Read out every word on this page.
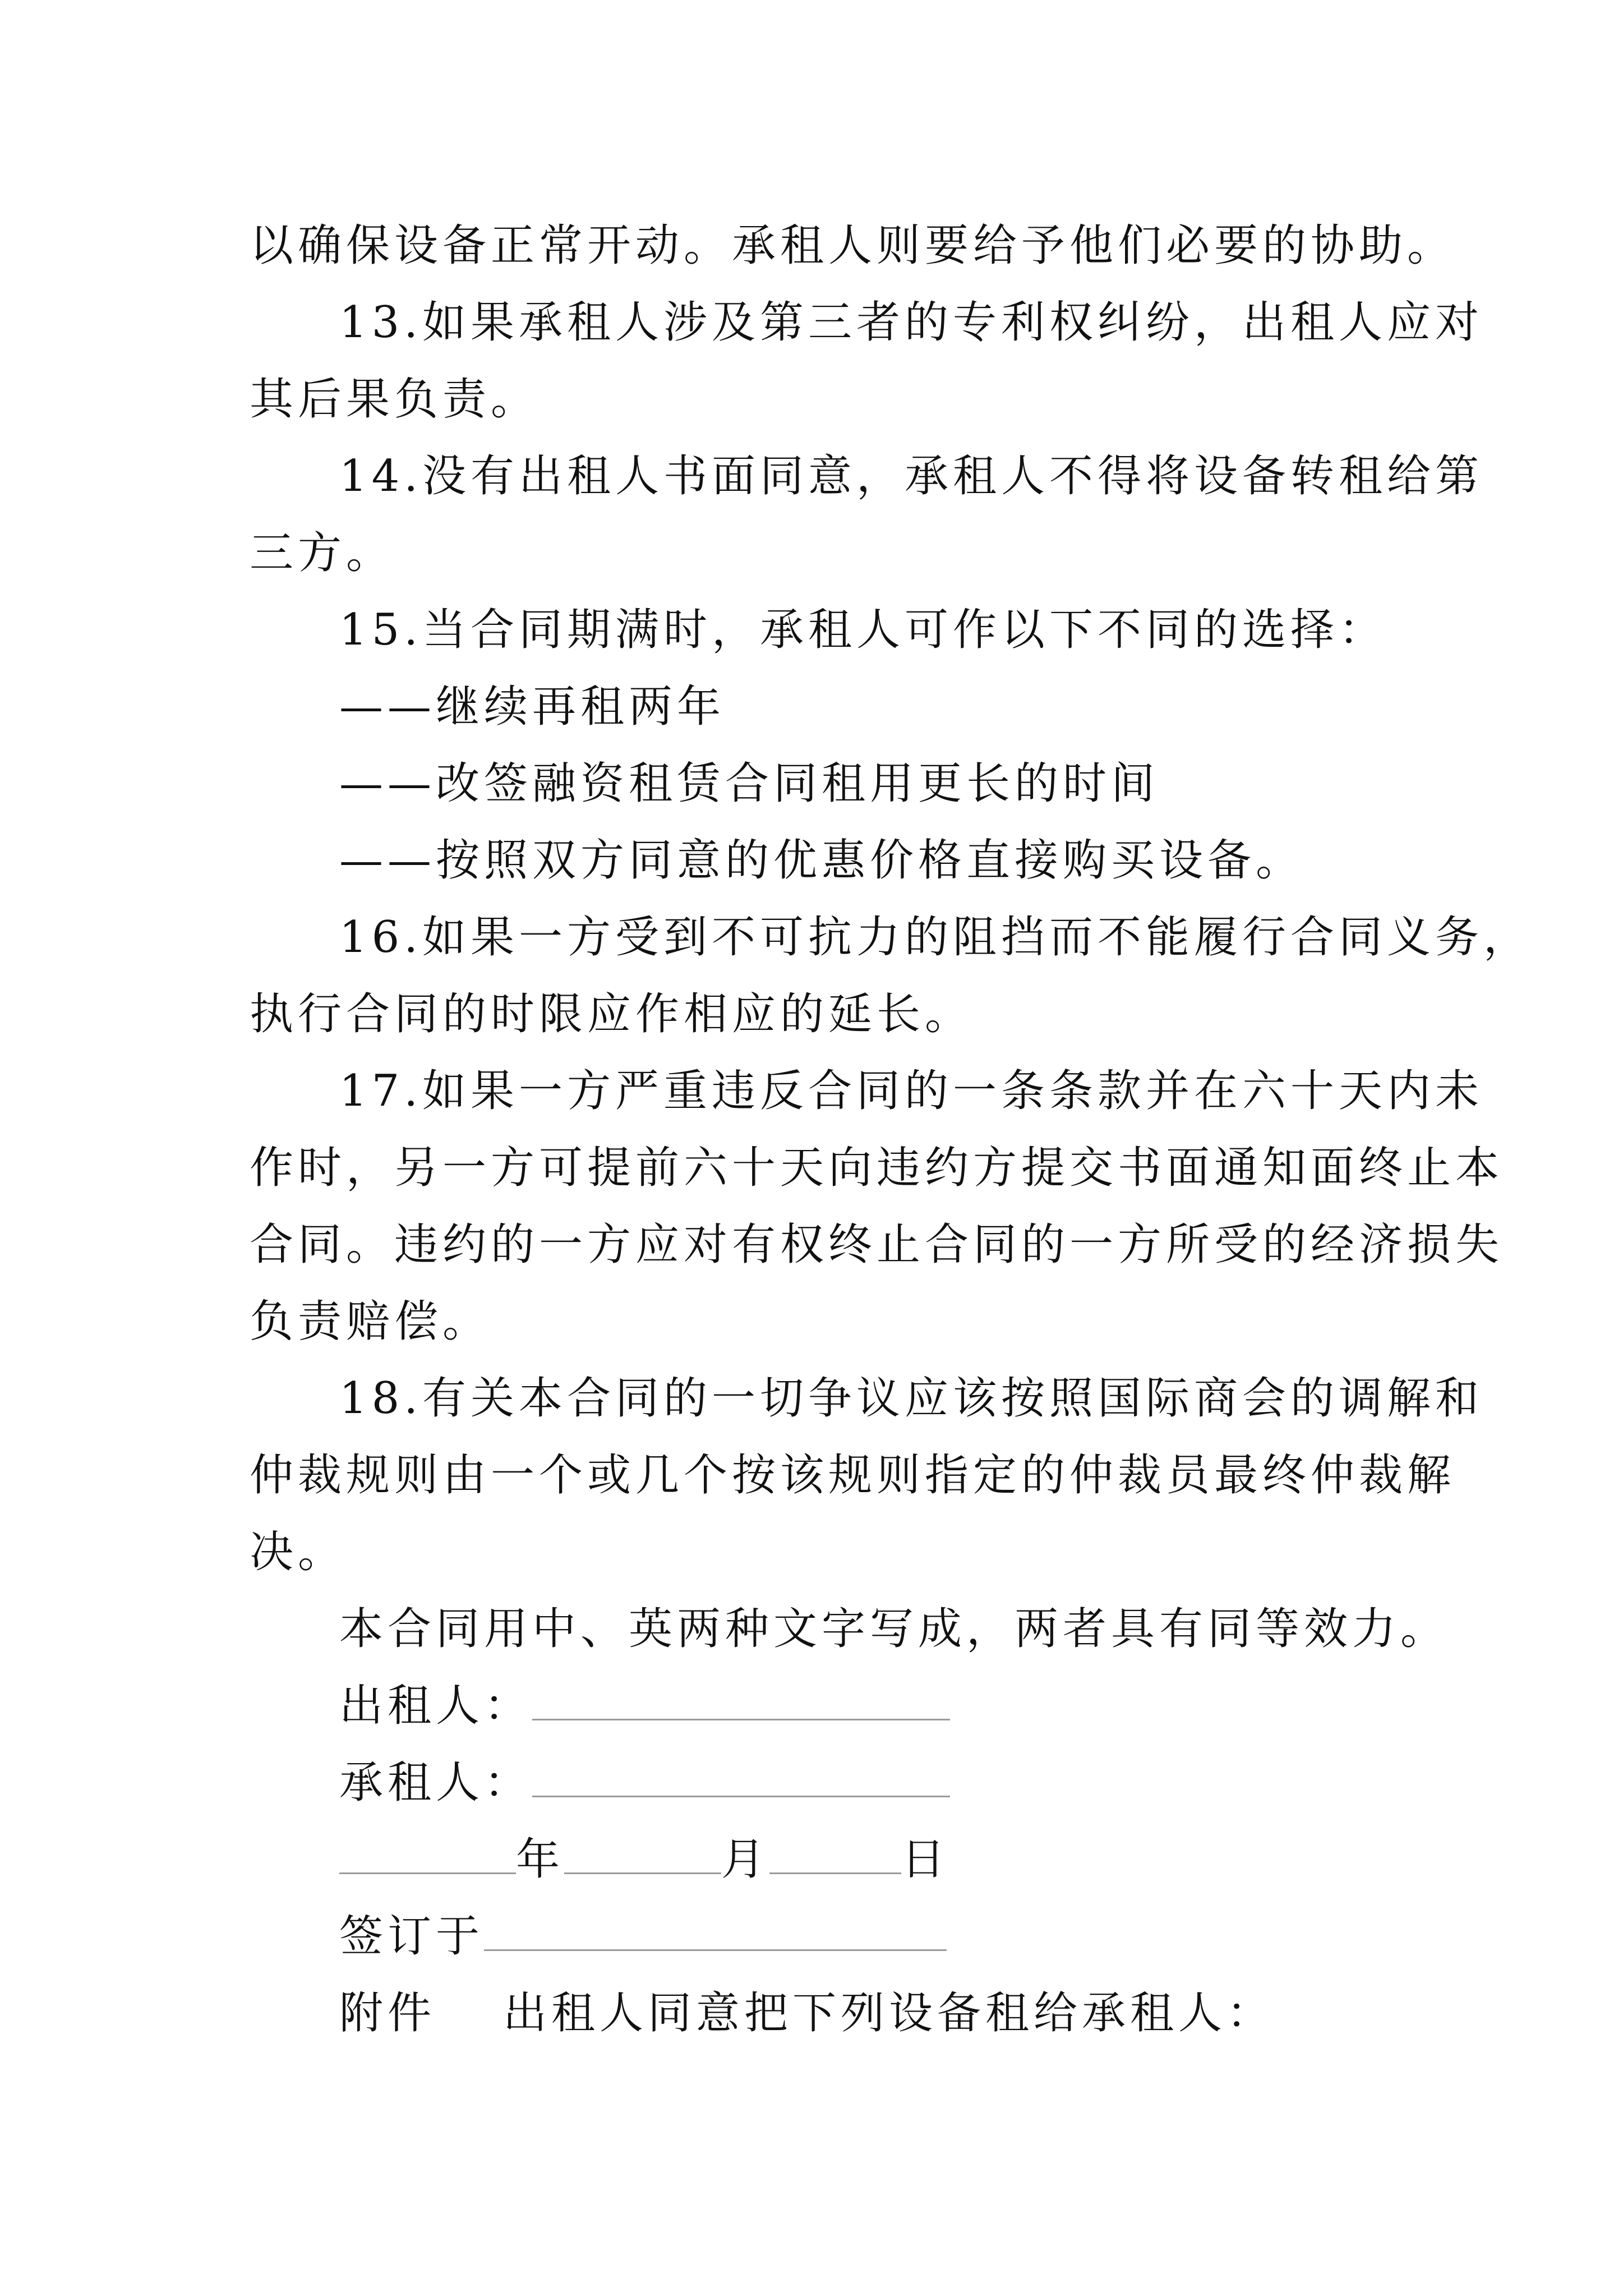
以确保设备正常开动。承租人则要给予他们必要的协助。
13.如果承租人涉及第三者的专利权纠纷，出租人应对
其后果负责。
14.没有出租人书面同意，承租人不得将设备转租给第
三方。
15.当合同期满时，承租人可作以下不同的选择：
——继续再租两年
——改签融资租赁合同租用更长的时间
——按照双方同意的优惠价格直接购买设备。
16.如果一方受到不可抗力的阻挡而不能履行合同义务，
执行合同的时限应作相应的延长。
17.如果一方严重违反合同的一条条款并在六十天内未
作时，另一方可提前六十天向违约方提交书面通知面终止本
合同。违约的一方应对有权终止合同的一方所受的经济损失
负责赔偿。
18.有关本合同的一切争议应该按照国际商会的调解和
仲裁规则由一个或几个按该规则指定的仲裁员最终仲裁解
决。
本合同用中、英两种文字写成，两者具有同等效力。
出租人：
承租人：
年	月	日
签订于
附件 出租人同意把下列设备租给承租人：
